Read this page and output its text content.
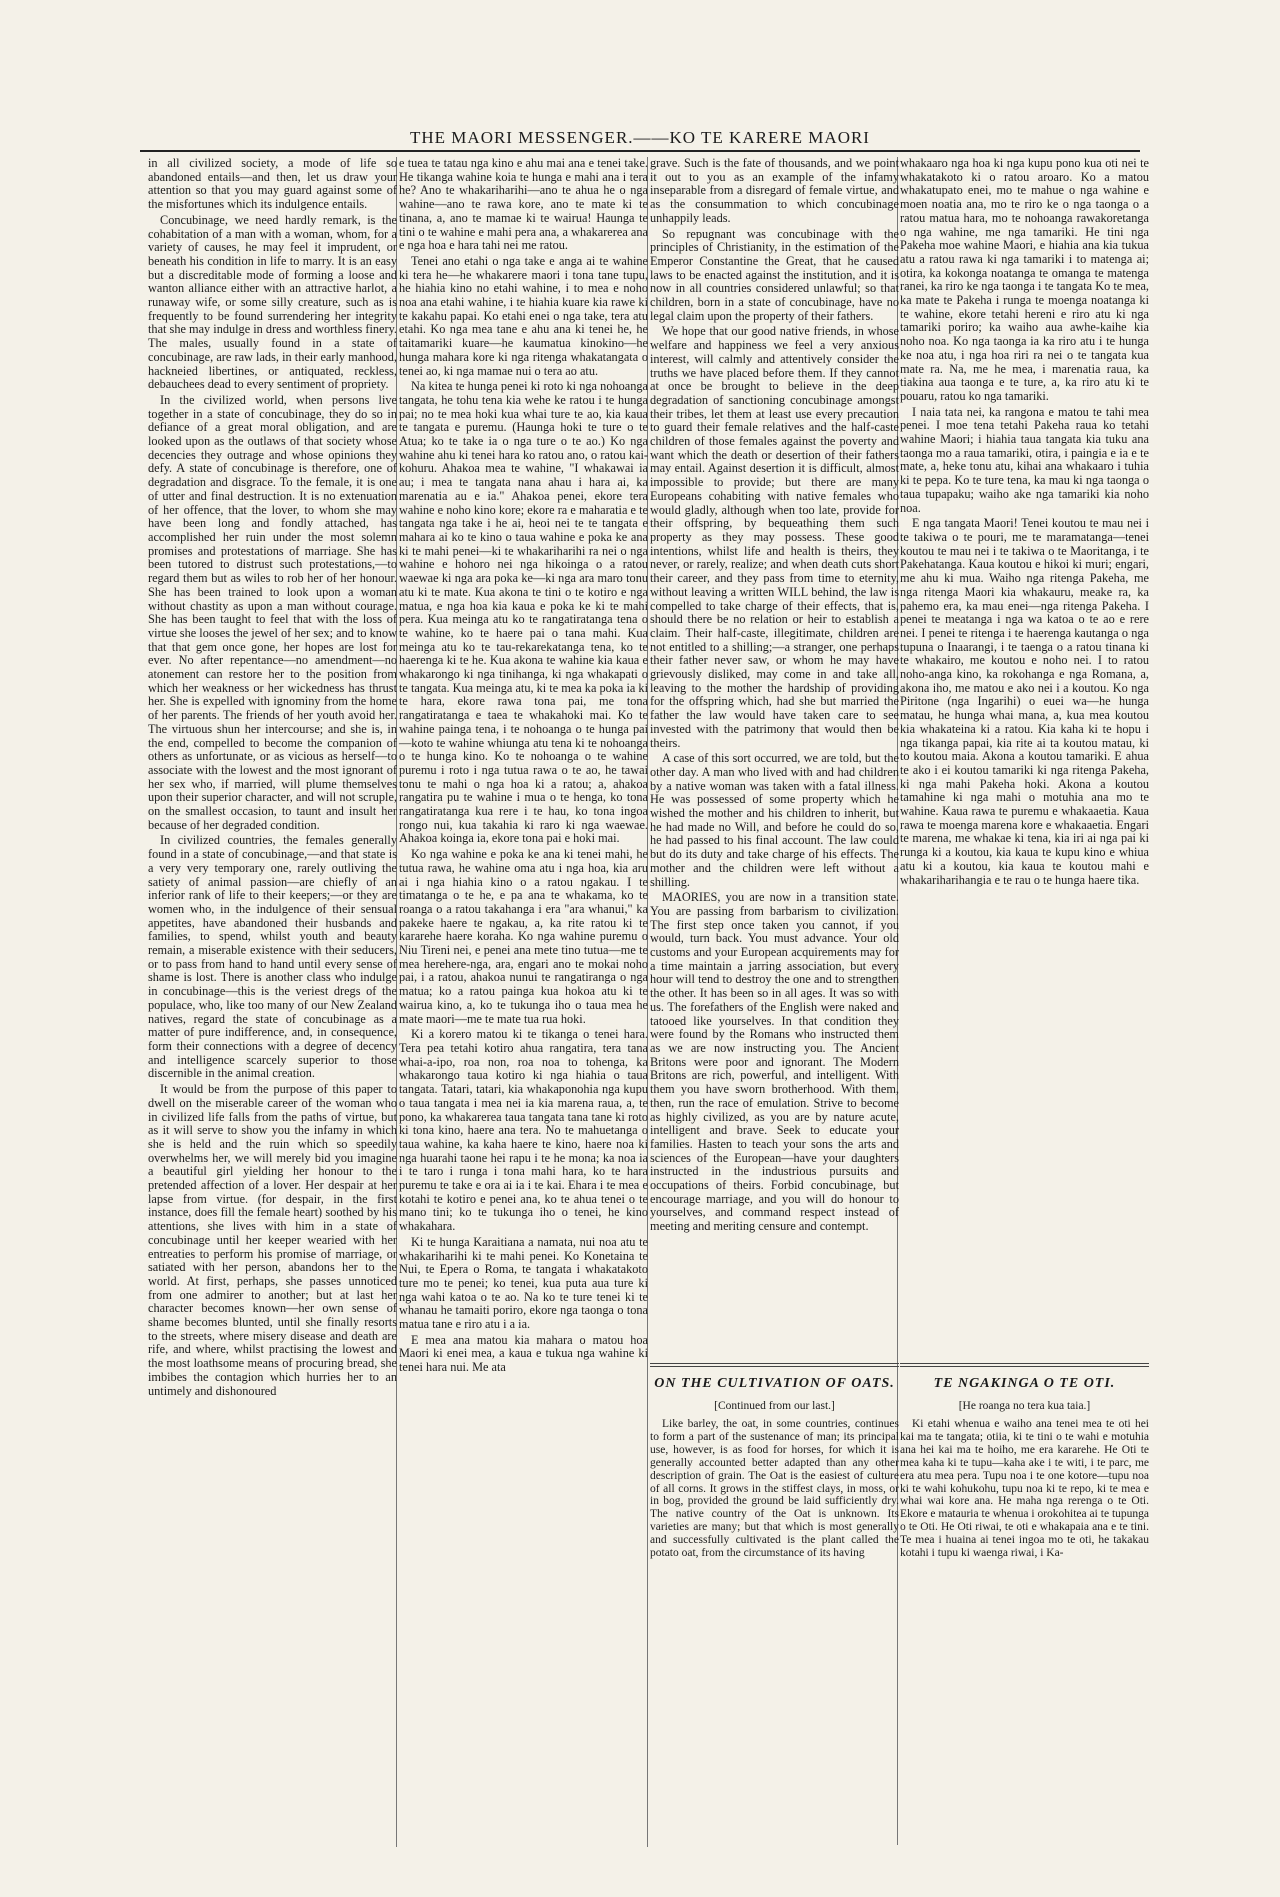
THE MAORI MESSENGER.——KO TE KARERE MAORI

in all civilized society, a mode of life so abandoned entails—and then, let us draw your attention so that you may guard against some of the misfortunes which its indulgence entails.

Concubinage, we need hardly remark, is the cohabitation of a man with a woman, whom, for a variety of causes, he may feel it imprudent, or beneath his condition in life to marry. It is an easy but a discreditable mode of forming a loose and wanton alliance either with an attractive harlot, a runaway wife, or some silly creature, such as is frequently to be found surrendering her integrity that she may indulge in dress and worthless finery. The males, usually found in a state of concubinage, are raw lads, in their early manhood, hackneied libertines, or antiquated, reckless, debauchees dead to every sentiment of propriety.

In the civilized world, when persons live together in a state of concubinage, they do so in defiance of a great moral obligation, and are looked upon as the outlaws of that society whose decencies they outrage and whose opinions they defy. A state of concubinage is therefore, one of degradation and disgrace. To the female, it is one of utter and final destruction. It is no extenuation of her offence, that the lover, to whom she may have been long and fondly attached, has accomplished her ruin under the most solemn promises and protestations of marriage. She has been tutored to distrust such protestations,—to regard them but as wiles to rob her of her honour. She has been trained to look upon a woman without chastity as upon a man without courage. She has been taught to feel that with the loss of virtue she looses the jewel of her sex; and to know that that gem once gone, her hopes are lost for ever. No after repentance—no amendment—no atonement can restore her to the position from which her weakness or her wickedness has thrust her. She is expelled with ignominy from the home of her parents. The friends of her youth avoid her. The virtuous shun her intercourse; and she is, in the end, compelled to become the companion of others as unfortunate, or as vicious as herself—to associate with the lowest and the most ignorant of her sex who, if married, will plume themselves upon their superior character, and will not scruple, on the smallest occasion, to taunt and insult her because of her degraded condition.

In civilized countries, the females generally found in a state of concubinage,—and that state is a very very temporary one, rarely outliving the satiety of animal passion—are chiefly of an inferior rank of life to their keepers;—or they are women who, in the indulgence of their sensual appetites, have abandoned their husbands and families, to spend, whilst youth and beauty remain, a miserable existence with their seducers, or to pass from hand to hand until every sense of shame is lost. There is another class who indulge in concubinage—this is the veriest dregs of the populace, who, like too many of our New Zealand natives, regard the state of concubinage as a matter of pure indifference, and, in consequence, form their connections with a degree of decency and intelligence scarcely superior to those discernible in the animal creation.

It would be from the purpose of this paper to dwell on the miserable career of the woman who in civilized life falls from the paths of virtue, but as it will serve to show you the infamy in which she is held and the ruin which so speedily overwhelms her, we will merely bid you imagine a beautiful girl yielding her honour to the pretended affection of a lover. Her despair at her lapse from virtue. (for despair, in the first instance, does fill the female heart) soothed by his attentions, she lives with him in a state of concubinage until her keeper wearied with her entreaties to perform his promise of marriage, or satiated with her person, abandons her to the world. At first, perhaps, she passes unnoticed from one admirer to another; but at last her character becomes known—her own sense of shame becomes blunted, until she finally resorts to the streets, where misery disease and death are rife, and where, whilst practising the lowest and the most loathsome means of procuring bread, she imbibes the contagion which hurries her to an untimely and dishonoured

e tuea te tatau nga kino e ahu mai ana e tenei take. He tikanga wahine koia te hunga e mahi ana i tera he? Ano te whakariharihi—ano te ahua he o nga wahine—ano te rawa kore, ano te mate ki te tinana, a, ano te mamae ki te wairua! Haunga te tini o te wahine e mahi pera ana, a whakarerea ana e nga hoa e hara tahi nei me ratou.

Tenei ano etahi o nga take e anga ai te wahine ki tera he—he whakarere maori i tona tane tupu, he hiahia kino no etahi wahine, i to mea e noho noa ana etahi wahine, i te hiahia kuare kia rawe ki te kakahu papai. Ko etahi enei o nga take, tera atu etahi. Ko nga mea tane e ahu ana ki tenei he, he taitamariki kuare—he kaumatua kinokino—he hunga mahara kore ki nga ritenga whakatangata o tenei ao, ki nga mamae nui o tera ao atu.

Na kitea te hunga penei ki roto ki nga nohoanga tangata, he tohu tena kia wehe ke ratou i te hunga pai; no te mea hoki kua whai ture te ao, kia kaua te tangata e puremu. (Haunga hoki te ture o te Atua; ko te take ia o nga ture o te ao.) Ko nga wahine ahu ki tenei hara ko ratou ano, o ratou kai-kohuru. Ahakoa mea te wahine, "I whakawai ia au; i mea te tangata nana ahau i hara ai, ka marenatia au e ia." Ahakoa penei, ekore tera wahine e noho kino kore; ekore ra e maharatia e te tangata nga take i he ai, heoi nei te te tangata e mahara ai ko te kino o taua wahine e poka ke ana ki te mahi penei—ki te whakariharihi ra nei o nga wahine e hohoro nei nga hikoinga o a ratou waewae ki nga ara poka ke—ki nga ara maro tonu atu ki te mate. Kua akona te tini o te kotiro e nga matua, e nga hoa kia kaua e poka ke ki te mahi pera. Kua meinga atu ko te rangatiratanga tena o te wahine, ko te haere pai o tana mahi. Kua meinga atu ko te tau-rekarekatanga tena, ko te haerenga ki te he. Kua akona te wahine kia kaua e whakarongo ki nga tinihanga, ki nga whakapati o te tangata. Kua meinga atu, ki te mea ka poka ia ki te hara, ekore rawa tona pai, me tona rangatiratanga e taea te whakahoki mai. Ko te wahine painga tena, i te nohoanga o te hunga pai—koto te wahine whiunga atu tena ki te nohoanga o te hunga kino. Ko te nohoanga o te wahine puremu i roto i nga tutua rawa o te ao, he tawai tonu te mahi o nga hoa ki a ratou; a, ahakoa rangatira pu te wahine i mua o te henga, ko tona rangatiratanga kua rere i te hau, ko tona ingoa rongo nui, kua takahia ki raro ki nga waewae. Ahakoa koinga ia, ekore tona pai e hoki mai.

Ko nga wahine e poka ke ana ki tenei mahi, he tutua rawa, he wahine oma atu i nga hoa, kia aru ai i nga hiahia kino o a ratou ngakau. I te timatanga o te he, e pa ana te whakama, ko te roanga o a ratou takahanga i era "ara whanui," ka pakeke haere te ngakau, a, ka rite ratou ki te kararehe haere koraha. Ko nga wahine puremu o Niu Tireni nei, e penei ana mete tino tutua—me te mea herehere-nga, ara, engari ano te mokai noho pai, i a ratou, ahakoa nunui te rangatiranga o nga matua; ko a ratou painga kua hokoa atu ki te wairua kino, a, ko te tukunga iho o taua mea he mate maori—me te mate tua rua hoki.

Ki a korero matou ki te tikanga o tenei hara. Tera pea tetahi kotiro ahua rangatira, tera tana whai-a-ipo, roa non, roa noa to tohenga, ka whakarongo taua kotiro ki nga hiahia o taua tangata. Tatari, tatari, kia whakaponohia nga kupu o taua tangata i mea nei ia kia marena raua, a, te pono, ka whakarerea taua tangata tana tane ki roto ki tona kino, haere ana tera. No te mahuetanga o taua wahine, ka kaha haere te kino, haere noa ki nga huarahi taone hei rapu i te he mona; ka noa ia i te taro i runga i tona mahi hara, ko te hara puremu te take e ora ai ia i te kai. Ehara i te mea e kotahi te kotiro e penei ana, ko te ahua tenei o te mano tini; ko te tukunga iho o tenei, he kino whakahara.

Ki te hunga Karaitiana a namata, nui noa atu te whakariharihi ki te mahi penei. Ko Konetaina te Nui, te Epera o Roma, te tangata i whakatakoto ture mo te penei; ko tenei, kua puta aua ture ki nga wahi katoa o te ao. Na ko te ture tenei ki te whanau he tamaiti poriro, ekore nga taonga o tona matua tane e riro atu i a ia.

E mea ana matou kia mahara o matou hoa Maori ki enei mea, a kaua e tukua nga wahine ki tenei hara nui. Me ata

grave. Such is the fate of thousands, and we point it out to you as an example of the infamy inseparable from a disregard of female virtue, and as the consummation to which concubinage unhappily leads.

So repugnant was concubinage with the principles of Christianity, in the estimation of the Emperor Constantine the Great, that he caused laws to be enacted against the institution, and it is now in all countries considered unlawful; so that children, born in a state of concubinage, have no legal claim upon the property of their fathers.

We hope that our good native friends, in whose welfare and happiness we feel a very anxious interest, will calmly and attentively consider the truths we have placed before them. If they cannot at once be brought to believe in the deep degradation of sanctioning concubinage amongst their tribes, let them at least use every precaution to guard their female relatives and the half-caste children of those females against the poverty and want which the death or desertion of their fathers may entail. Against desertion it is difficult, almost impossible to provide; but there are many Europeans cohabiting with native females who would gladly, although when too late, provide for their offspring, by bequeathing them such property as they may possess. These good intentions, whilst life and health is theirs, they never, or rarely, realize; and when death cuts short their career, and they pass from time to eternity, without leaving a written WILL behind, the law is compelled to take charge of their effects, that is, should there be no relation or heir to establish a claim. Their half-caste, illegitimate, children are not entitled to a shilling;—a stranger, one perhaps their father never saw, or whom he may have grievously disliked, may come in and take all, leaving to the mother the hardship of providing for the offspring which, had she but married the father the law would have taken care to see invested with the patrimony that would then be theirs.

A case of this sort occurred, we are told, but the other day. A man who lived with and had children by a native woman was taken with a fatal illness. He was possessed of some property which he wished the mother and his children to inherit, but he had made no Will, and before he could do so, he had passed to his final account. The law could but do its duty and take charge of his effects. The mother and the children were left without a shilling.

MAORIES, you are now in a transition state. You are passing from barbarism to civilization. The first step once taken you cannot, if you would, turn back. You must advance. Your old customs and your European acquirements may for a time maintain a jarring association, but every hour will tend to destroy the one and to strengthen the other. It has been so in all ages. It was so with us. The forefathers of the English were naked and tatooed like yourselves. In that condition they were found by the Romans who instructed them as we are now instructing you. The Ancient Britons were poor and ignorant. The Modern Britons are rich, powerful, and intelligent. With them you have sworn brotherhood. With them, then, run the race of emulation. Strive to become as highly civilized, as you are by nature acute, intelligent and brave. Seek to educate your families. Hasten to teach your sons the arts and sciences of the European—have your daughters instructed in the industrious pursuits and occupations of theirs. Forbid concubinage, but encourage marriage, and you will do honour to yourselves, and command respect instead of meeting and meriting censure and contempt.

whakaaro nga hoa ki nga kupu pono kua oti nei te whakatakoto ki o ratou aroaro. Ko a matou whakatupato enei, mo te mahue o nga wahine e moen noatia ana, mo te riro ke o nga taonga o a ratou matua hara, mo te nohoanga rawakoretanga o nga wahine, me nga tamariki. He tini nga Pakeha moe wahine Maori, e hiahia ana kia tukua atu a ratou rawa ki nga tamariki i to matenga ai; otira, ka kokonga noatanga te omanga te matenga ranei, ka riro ke nga taonga i te tangata Ko te mea, ka mate te Pakeha i runga te moenga noatanga ki te wahine, ekore tetahi hereni e riro atu ki nga tamariki poriro; ka waiho aua awhe-kaihe kia noho noa. Ko nga taonga ia ka riro atu i te hunga ke noa atu, i nga hoa riri ra nei o te tangata kua mate ra. Na, me he mea, i marenatia raua, ka tiakina aua taonga e te ture, a, ka riro atu ki te pouaru, ratou ko nga tamariki.

I naia tata nei, ka rangona e matou te tahi mea penei. I moe tena tetahi Pakeha raua ko tetahi wahine Maori; i hiahia taua tangata kia tuku ana taonga mo a raua tamariki, otira, i paingia e ia e te mate, a, heke tonu atu, kihai ana whakaaro i tuhia ki te pepa. Ko te ture tena, ka mau ki nga taonga o taua tupapaku; waiho ake nga tamariki kia noho noa.

E nga tangata Maori! Tenei koutou te mau nei i te takiwa o te pouri, me te maramatanga—tenei koutou te mau nei i te takiwa o te Maoritanga, i te Pakehatanga. Kaua koutou e hikoi ki muri; engari, me ahu ki mua. Waiho nga ritenga Pakeha, me nga ritenga Maori kia whakauru, meake ra, ka pahemo era, ka mau enei—nga ritenga Pakeha. I penei te meatanga i nga wa katoa o te ao e rere nei. I penei te ritenga i te haerenga kautanga o nga tupuna o Inaarangi, i te taenga o a ratou tinana ki te whakairo, me koutou e noho nei. I to ratou noho-anga kino, ka rokohanga e nga Romana, a, akona iho, me matou e ako nei i a koutou. Ko nga Piritone (nga Ingarihi) o euei wa—he hunga matau, he hunga whai mana, a, kua mea koutou kia whakateina ki a ratou. Kia kaha ki te hopu i nga tikanga papai, kia rite ai ta koutou matau, ki to koutou maia. Akona a koutou tamariki. E ahua te ako i ei koutou tamariki ki nga ritenga Pakeha, ki nga mahi Pakeha hoki. Akona a koutou tamahine ki nga mahi o motuhia ana mo te wahine. Kaua rawa te puremu e whakaaetia. Kaua rawa te moenga marena kore e whakaaetia. Engari te marena, me whakae ki tena, kia iri ai nga pai ki runga ki a koutou, kia kaua te kupu kino e whiua atu ki a koutou, kia kaua te koutou mahi e whakariharihangia e te rau o te hunga haere tika.

ON THE CULTIVATION OF OATS.	TE NGAKINGA O TE OTI.
[Continued from our last.]	[He roanga no tera kua taia.]

Like barley, the oat, in some countries, continues to form a part of the sustenance of man; its principal use, however, is as food for horses, for which it is generally accounted better adapted than any other description of grain. The Oat is the easiest of culture of all corns. It grows in the stiffest clays, in moss, or in bog, provided the ground be laid sufficiently dry. The native country of the Oat is unknown. Its varieties are many; but that which is most generally and successfully cultivated is the plant called the potato oat, from the circumstance of its having

Ki etahi whenua e waiho ana tenei mea te oti hei kai ma te tangata; otiia, ki te tini o te wahi e motuhia ana hei kai ma te hoiho, me era kararehe. He Oti te mea kaha ki te tupu—kaha ake i te witi, i te parc, me era atu mea pera. Tupu noa i te one kotore—tupu noa ki te wahi kohukohu, tupu noa ki te repo, ki te mea e whai wai kore ana. He maha nga rerenga o te Oti. Ekore e matauria te whenua i orokohitea ai te tupunga o te Oti. He Oti riwai, te oti e whakapaia ana e te tini. Te mea i huaina ai tenei ingoa mo te oti, he takakau kotahi i tupu ki waenga riwai, i Ka-
